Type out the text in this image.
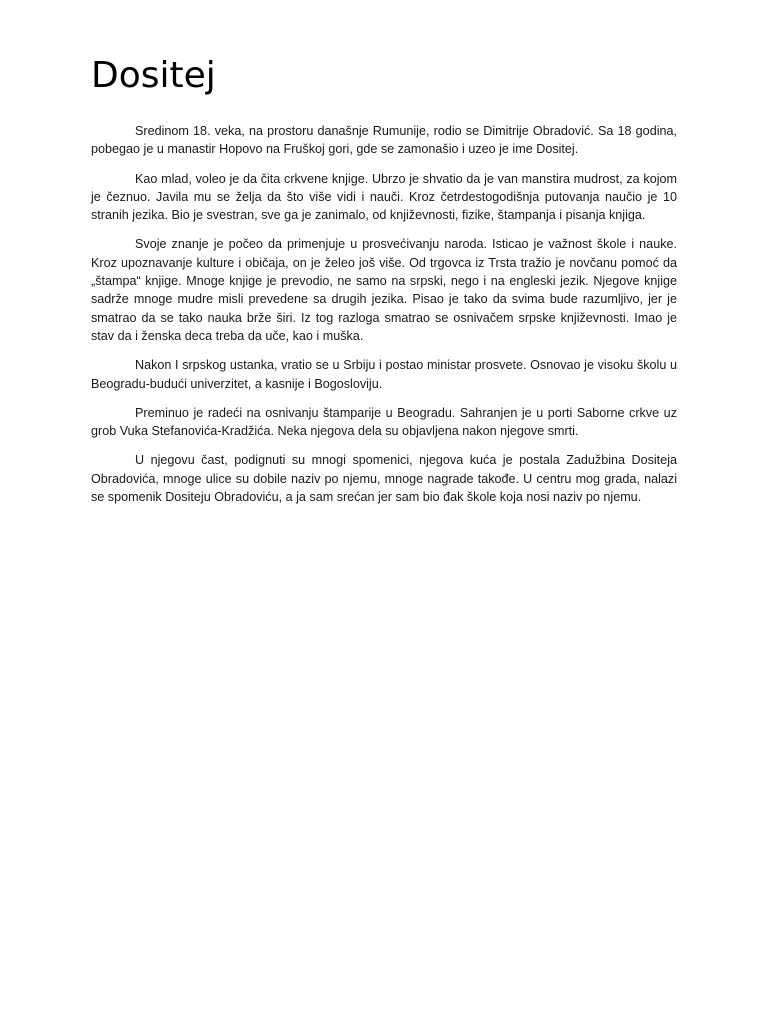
Dositej

Sredinom 18. veka, na prostoru današnje Rumunije, rodio se Dimitrije Obradović. Sa 18 godina, pobegao je u manastir Hopovo na Fruškoj gori, gde se zamonašio i uzeo je ime Dositej.

Kao mlad, voleo je da čita crkvene knjige. Ubrzo je shvatio da je van manstira mudrost, za kojom je čeznuo. Javila mu se želja da što više vidi i nauči. Kroz četrdestogodišnja putovanja naučio je 10 stranih jezika. Bio je svestran, sve ga je zanimalo, od književnosti, fizike, štampanja i pisanja knjiga.

Svoje znanje je počeo da primenjuje u prosvećivanju naroda. Isticao je važnost škole i nauke. Kroz upoznavanje kulture i običaja, on je želeo još više. Od trgovca iz Trsta tražio je novčanu pomoć da „štampa“ knjige. Mnoge knjige je prevodio, ne samo na srpski, nego i na engleski jezik. Njegove knjige sadrže mnoge mudre misli prevedene sa drugih jezika. Pisao je tako da svima bude razumljivo, jer je smatrao da se tako nauka brže širi. Iz tog razloga smatrao se osnivačem srpske književnosti. Imao je stav da i ženska deca treba da uče, kao i muška.

Nakon I srpskog ustanka, vratio se u Srbiju i postao ministar prosvete. Osnovao je visoku školu u Beogradu-budući univerzitet, a kasnije i Bogosloviju.

Preminuo je radeći na osnivanju štamparije u Beogradu. Sahranjen je u porti Saborne crkve uz grob Vuka Stefanovića-Kradžića. Neka njegova dela su objavljena nakon njegove smrti.

U njegovu čast, podignuti su mnogi spomenici, njegova kuća je postala Zadužbina Dositeja Obradovića, mnoge ulice su dobile naziv po njemu, mnoge nagrade takođe. U centru mog grada, nalazi se spomenik Dositeju Obradoviću, a ja sam srećan jer sam bio đak škole koja nosi naziv po njemu.
